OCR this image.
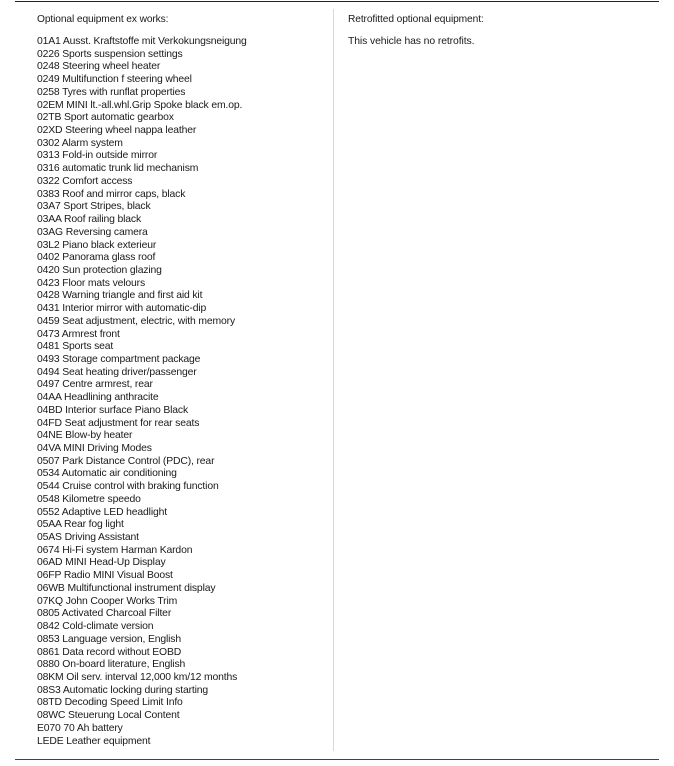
Optional equipment ex works:
01A1 Ausst. Kraftstoffe mit Verkokungsneigung
0226 Sports suspension settings
0248 Steering wheel heater
0249 Multifunction f steering wheel
0258 Tyres with runflat properties
02EM MINI lt.-all.whl.Grip Spoke black em.op.
02TB Sport automatic gearbox
02XD Steering wheel nappa leather
0302 Alarm system
0313 Fold-in outside mirror
0316 automatic trunk lid mechanism
0322 Comfort access
0383 Roof and mirror caps, black
03A7 Sport Stripes, black
03AA Roof railing black
03AG Reversing camera
03L2 Piano black exterieur
0402 Panorama glass roof
0420 Sun protection glazing
0423 Floor mats velours
0428 Warning triangle and first aid kit
0431 Interior mirror with automatic-dip
0459 Seat adjustment, electric, with memory
0473 Armrest front
0481 Sports seat
0493 Storage compartment package
0494 Seat heating driver/passenger
0497 Centre armrest, rear
04AA Headlining anthracite
04BD Interior surface Piano Black
04FD Seat adjustment for rear seats
04NE Blow-by heater
04VA MINI Driving Modes
0507 Park Distance Control (PDC), rear
0534 Automatic air conditioning
0544 Cruise control with braking function
0548 Kilometre speedo
0552 Adaptive LED headlight
05AA Rear fog light
05AS Driving Assistant
0674 Hi-Fi system Harman Kardon
06AD MINI Head-Up Display
06FP Radio MINI Visual Boost
06WB Multifunctional instrument display
07KQ John Cooper Works Trim
0805 Activated Charcoal Filter
0842 Cold-climate version
0853 Language version, English
0861 Data record without EOBD
0880 On-board literature, English
08KM Oil serv. interval 12,000 km/12 months
08S3 Automatic locking during starting
08TD Decoding Speed Limit Info
08WC Steuerung Local Content
E070 70 Ah battery
LEDE Leather equipment
Retrofitted optional equipment:

This vehicle has no retrofits.
